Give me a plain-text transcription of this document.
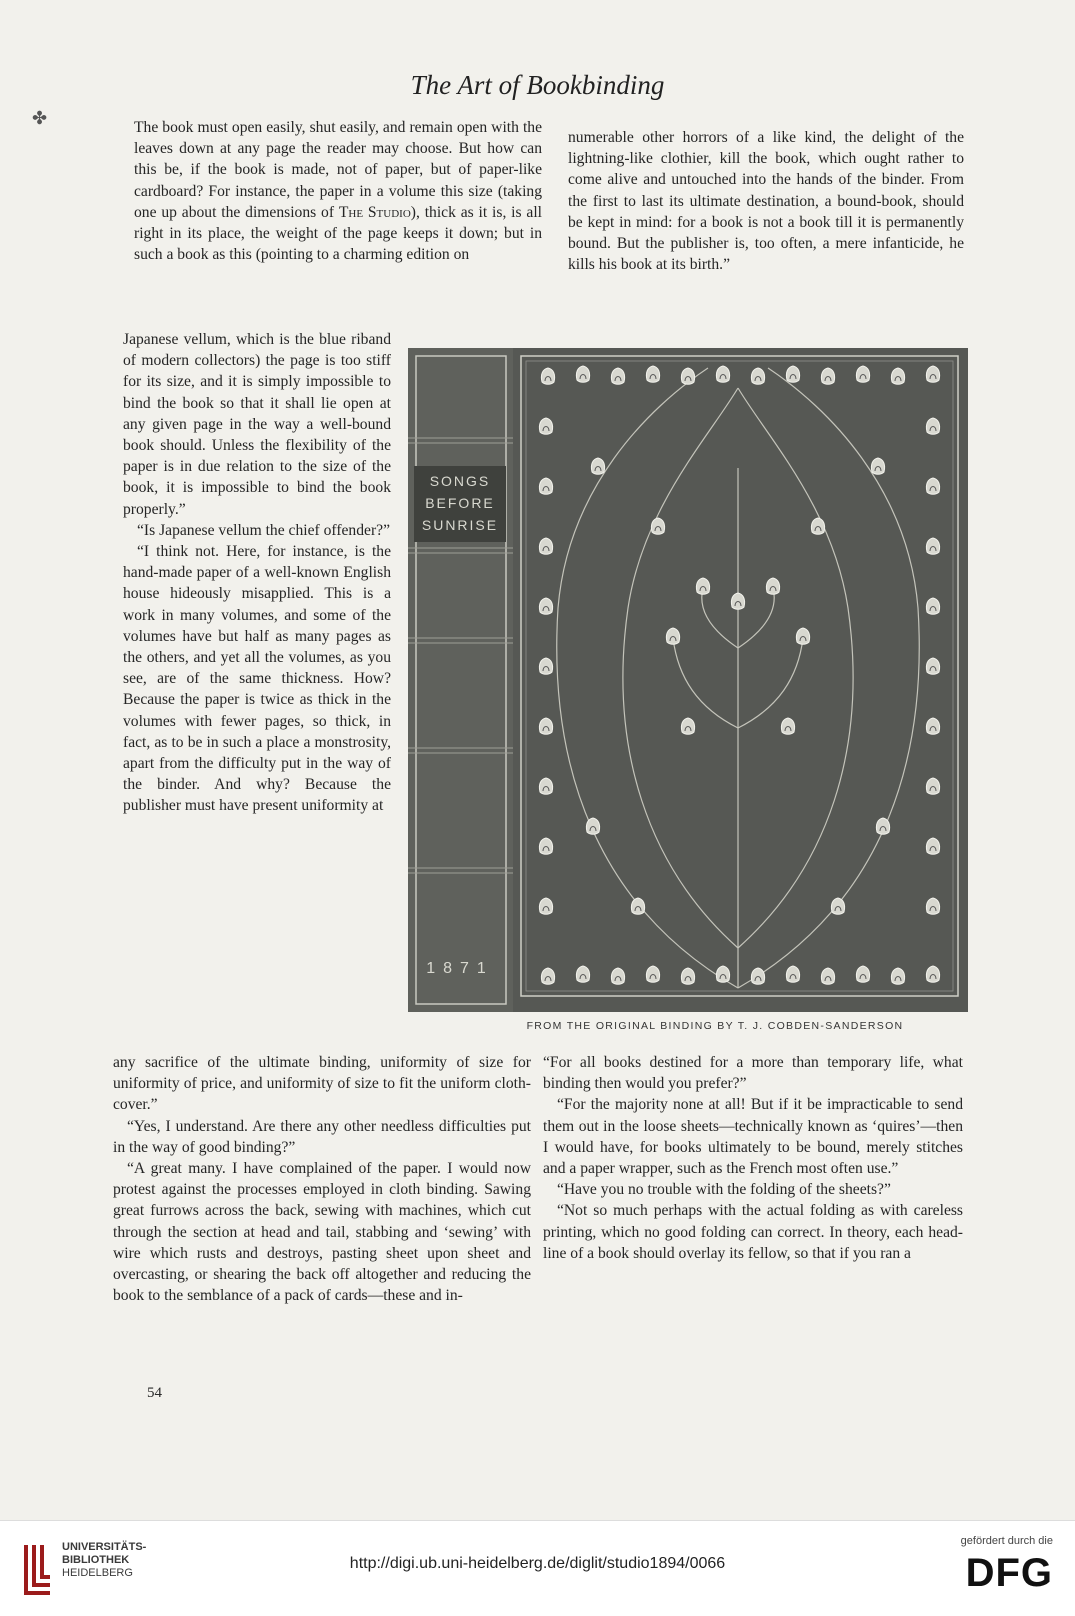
✤
The Art of Bookbinding

The book must open easily, shut easily, and remain open with the leaves down at any page the reader may choose. But how can this be, if the book is made, not of paper, but of paper-like cardboard? For instance, the paper in a volume this size (taking one up about the dimensions of The Studio), thick as it is, is all right in its place, the weight of the page keeps it down; but in such a book as this (pointing to a charming edition on

Japanese vellum, which is the blue riband of modern collectors) the page is too stiff for its size, and it is simply impossible to bind the book so that it shall lie open at any given page in the way a well-bound book should. Unless the flexibility of the paper is in due relation to the size of the book, it is impossible to bind the book properly.”

“Is Japanese vellum the chief offender?”

“I think not. Here, for instance, is the hand-made paper of a well-known English house hideously misapplied. This is a work in many volumes, and some of the volumes have but half as many pages as the others, and yet all the volumes, as you see, are of the same thickness. How? Because the paper is twice as thick in the volumes with fewer pages, so thick, in fact, as to be in such a place a monstrosity, apart from the difficulty put in the way of the binder. And why? Because the publisher must have present uniformity at

numerable other horrors of a like kind, the delight of the lightning-like clothier, kill the book, which ought rather to come alive and untouched into the hands of the binder. From the first to last its ultimate destination, a bound-book, should be kept in mind: for a book is not a book till it is permanently bound. But the publisher is, too often, a mere infanticide, he kills his book at its birth.”

SONGS
BEFORE
SUNRISE
1871
FROM THE ORIGINAL BINDING BY T. J. COBDEN-SANDERSON

any sacrifice of the ultimate binding, uniformity of size for uniformity of price, and uniformity of size to fit the uniform cloth-cover.”

“Yes, I understand. Are there any other needless difficulties put in the way of good binding?”

“A great many. I have complained of the paper. I would now protest against the processes employed in cloth binding. Sawing great furrows across the back, sewing with machines, which cut through the section at head and tail, stabbing and ‘sewing’ with wire which rusts and destroys, pasting sheet upon sheet and overcasting, or shearing the back off altogether and reducing the book to the semblance of a pack of cards—these and in-

“For all books destined for a more than temporary life, what binding then would you prefer?”

“For the majority none at all! But if it be impracticable to send them out in the loose sheets—technically known as ‘quires’—then I would have, for books ultimately to be bound, merely stitches and a paper wrapper, such as the French most often use.”

“Have you no trouble with the folding of the sheets?”

“Not so much perhaps with the actual folding as with careless printing, which no good folding can correct. In theory, each head-line of a book should overlay its fellow, so that if you ran a

54
UNIVERSITÄTS-
BIBLIOTHEK
HEIDELBERG
http://digi.ub.uni-heidelberg.de/diglit/studio1894/0066
gefördert durch die
DFG
